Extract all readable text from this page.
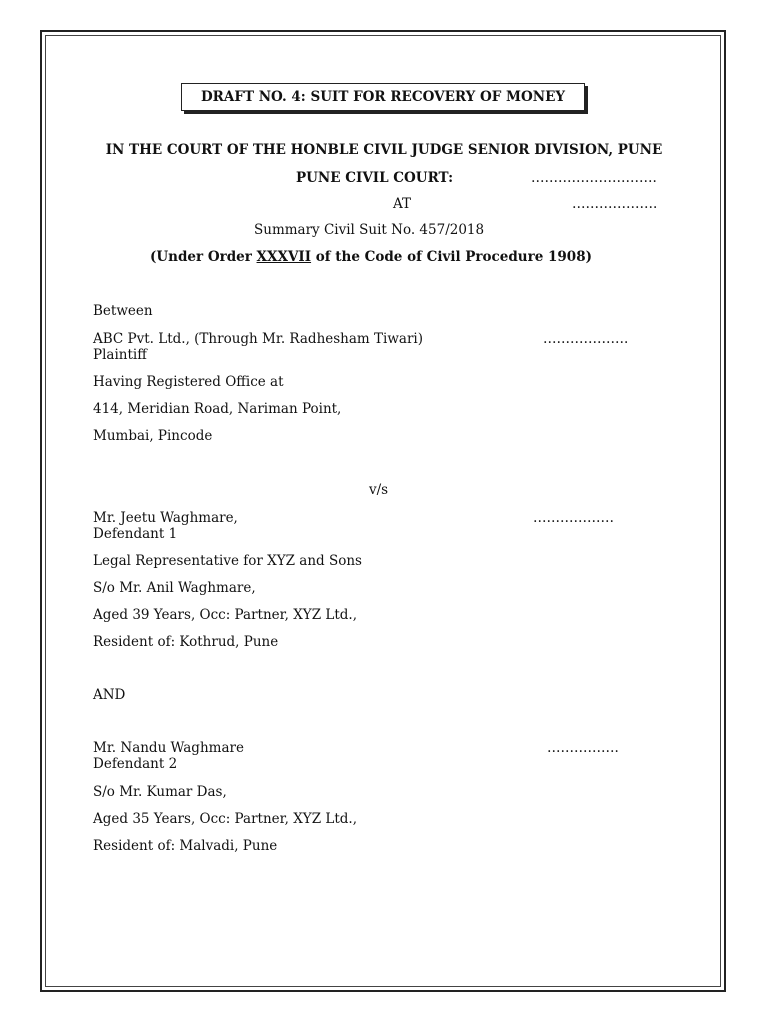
DRAFT NO. 4: SUIT FOR RECOVERY OF MONEY
IN THE COURT OF THE HONBLE CIVIL JUDGE SENIOR DIVISION, PUNE
PUNE CIVIL COURT:	……………………….
AT	……………….
Summary Civil Suit No. 457/2018
(Under Order XXXVII of the Code of Civil Procedure 1908)
Between
ABC Pvt. Ltd., (Through Mr. Radhesham Tiwari)	……………….
Plaintiff
Having Registered Office at
414, Meridian Road, Nariman Point,
Mumbai, Pincode
v/s
Mr. Jeetu Waghmare,	………………
Defendant 1
Legal Representative for XYZ and Sons
S/o Mr. Anil Waghmare,
Aged 39 Years, Occ: Partner, XYZ Ltd.,
Resident of: Kothrud, Pune
AND
Mr. Nandu Waghmare	…………….
Defendant 2
S/o Mr. Kumar Das,
Aged 35 Years, Occ: Partner, XYZ Ltd.,
Resident of: Malvadi, Pune
